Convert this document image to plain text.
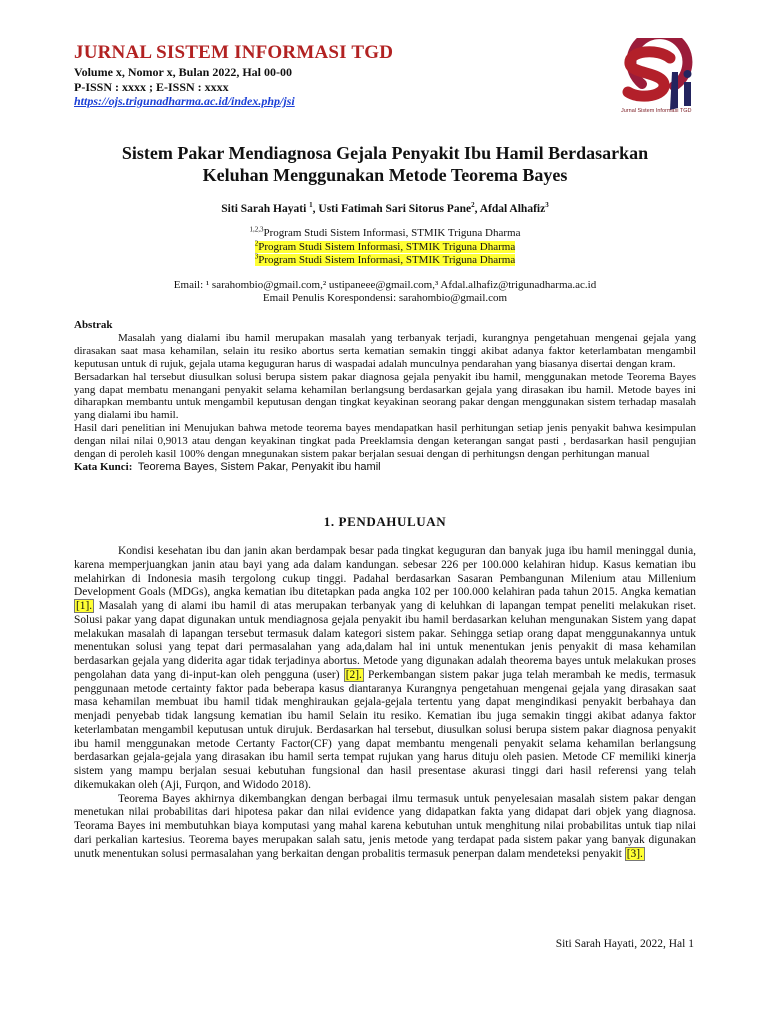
JURNAL SISTEM INFORMASI TGD
Volume x, Nomor x, Bulan 2022, Hal 00-00
P-ISSN : xxxx ; E-ISSN : xxxx
https://ojs.trigunadharma.ac.id/index.php/jsi
Jurnal Sistem Informasi TGD
Sistem Pakar Mendiagnosa Gejala Penyakit Ibu Hamil Berdasarkan
Keluhan Menggunakan Metode Teorema Bayes
Siti Sarah Hayati $^1$, Usti Fatimah Sari Sitorus Pane$^2$, Afdal Alhafiz$^3$
$^{1,2,3}$Program Studi Sistem Informasi, STMIK Triguna Dharma
$^2$Program Studi Sistem Informasi, STMIK Triguna Dharma
$^3$Program Studi Sistem Informasi, STMIK Triguna Dharma
Email: ¹ sarahombio@gmail.com,² ustipaneee@gmail.com,³ Afdal.alhafiz@trigunadharma.ac.id
Email Penulis Korespondensi: sarahombio@gmail.com

Abstrak

Masalah yang dialami ibu hamil merupakan masalah yang terbanyak terjadi, kurangnya pengetahuan mengenai gejala yang dirasakan saat masa kehamilan, selain itu resiko abortus serta kematian semakin tinggi akibat adanya faktor keterlambatan mengambil keputusan untuk di rujuk, gejala utama keguguran harus di waspadai adalah munculnya pendarahan yang biasanya disertai dengan kram.

Bersadarkan hal tersebut diusulkan solusi berupa sistem pakar diagnosa gejala penyakit ibu hamil, menggunakan metode Teorema Bayes yang dapat membatu menangani penyakit selama kehamilan berlangsung berdasarkan gejala yang dirasakan ibu hamil. Metode bayes ini diharapkan membantu untuk mengambil keputusan dengan tingkat keyakinan seorang pakar dengan menggunakan sistem terhadap masalah yang dialami ibu hamil.

Hasil dari penelitian ini Menujukan bahwa metode teorema bayes mendapatkan hasil perhitungan setiap jenis penyakit bahwa kesimpulan dengan nilai nilai 0,9013 atau dengan keyakinan tingkat pada Preeklamsia dengan keterangan sangat pasti , berdasarkan hasil pengujian dengan di peroleh kasil 100% dengan mnegunakan sistem pakar berjalan sesuai dengan di perhitungsn dengan perhitungan manual

Kata Kunci: Teorema Bayes, Sistem Pakar, Penyakit ibu hamil

1. PENDAHULUAN

Kondisi kesehatan ibu dan janin akan berdampak besar pada tingkat keguguran dan banyak juga ibu hamil meninggal dunia, karena memperjuangkan janin atau bayi yang ada dalam kandungan. sebesar 226 per 100.000 kelahiran hidup. Kasus kematian ibu melahirkan di Indonesia masih tergolong cukup tinggi. Padahal berdasarkan Sasaran Pembangunan Milenium atau Millenium Development Goals (MDGs), angka kematian ibu ditetapkan pada angka 102 per 100.000 kelahiran pada tahun 2015. Angka kematian [1]. Masalah yang di alami ibu hamil di atas merupakan terbanyak yang di keluhkan di lapangan tempat peneliti melakukan riset. Solusi pakar yang dapat digunakan untuk mendiagnosa gejala penyakit ibu hamil berdasarkan keluhan mengunakan Sistem yang dapat melakukan masalah di lapangan tersebut termasuk dalam kategori sistem pakar. Sehingga setiap orang dapat menggunakannya untuk menentukan solusi yang tepat dari permasalahan yang ada,dalam hal ini untuk menentukan jenis penyakit di masa kehamilan berdasarkan gejala yang diderita agar tidak terjadinya abortus. Metode yang digunakan adalah theorema bayes untuk melakukan proses pengolahan data yang di-input-kan oleh pengguna (user) [2]. Perkembangan sistem pakar juga telah merambah ke medis, termasuk penggunaan metode certainty faktor pada beberapa kasus diantaranya Kurangnya pengetahuan mengenai gejala yang dirasakan saat masa kehamilan membuat ibu hamil tidak menghiraukan gejala-gejala tertentu yang dapat mengindikasi penyakit berbahaya dan menjadi penyebab tidak langsung kematian ibu hamil Selain itu resiko. Kematian ibu juga semakin tinggi akibat adanya faktor keterlambatan mengambil keputusan untuk dirujuk. Berdasarkan hal tersebut, diusulkan solusi berupa sistem pakar diagnosa penyakit ibu hamil menggunakan metode Certanty Factor(CF) yang dapat membantu mengenali penyakit selama kehamilan berlangsung berdasarkan gejala-gejala yang dirasakan ibu hamil serta tempat rujukan yang harus dituju oleh pasien. Metode CF memiliki kinerja sistem yang mampu berjalan sesuai kebutuhan fungsional dan hasil presentase akurasi tinggi dari hasil referensi yang telah dikemukakan oleh (Aji, Furqon, and Widodo 2018).

Teorema Bayes akhirnya dikembangkan dengan berbagai ilmu termasuk untuk penyelesaian masalah sistem pakar dengan menetukan nilai probabilitas dari hipotesa pakar dan nilai evidence yang didapatkan fakta yang didapat dari objek yang diagnosa. Teorama Bayes ini membutuhkan biaya komputasi yang mahal karena kebutuhan untuk menghitung nilai probabilitas untuk tiap nilai dari perkalian kartesius. Teorema bayes merupakan salah satu, jenis metode yang terdapat pada sistem pakar yang banyak digunakan unutk menentukan solusi permasalahan yang berkaitan dengan probalitis termasuk penerpan dalam mendeteksi penyakit [3].

Siti Sarah Hayati, 2022, Hal 1
